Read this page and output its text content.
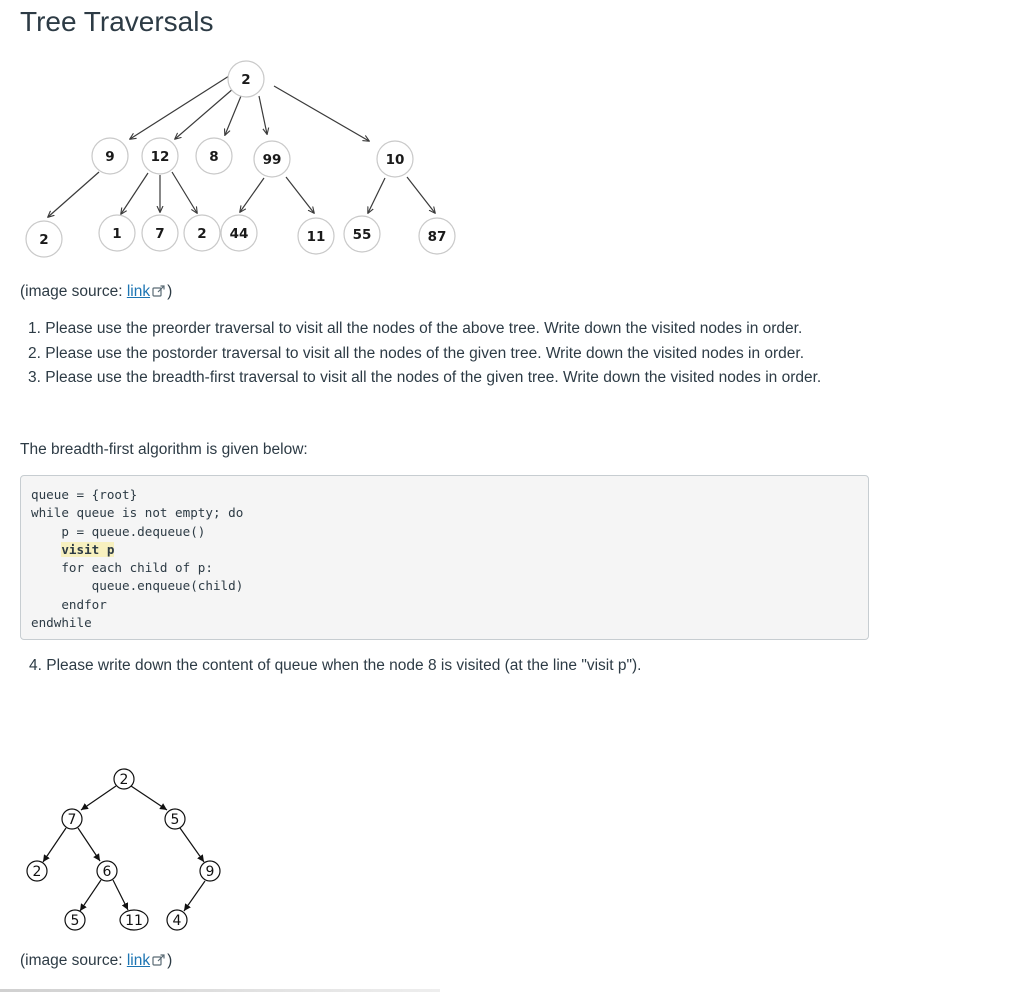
Tree Traversals
2
9	12	8	99	10
2	1 7 2 44	11 55	87

(image source: link )

1. Please use the preorder traversal to visit all the nodes of the above tree. Write down the visited nodes in order.
2. Please use the postorder traversal to visit all the nodes of the given tree. Write down the visited nodes in order.
3. Please use the breadth-first traversal to visit all the nodes of the given tree. Write down the visited nodes in order.

The breadth-first algorithm is given below:

queue = {root}
while queue is not empty; do
p = queue.dequeue()
visit p
for each child of p:
queue.enqueue(child)
endfor
endwhile

4. Please write down the content of queue when the node 8 is visited (at the line "visit p").

2
7	5
2	6	9
5	11 4

(image source: link )
